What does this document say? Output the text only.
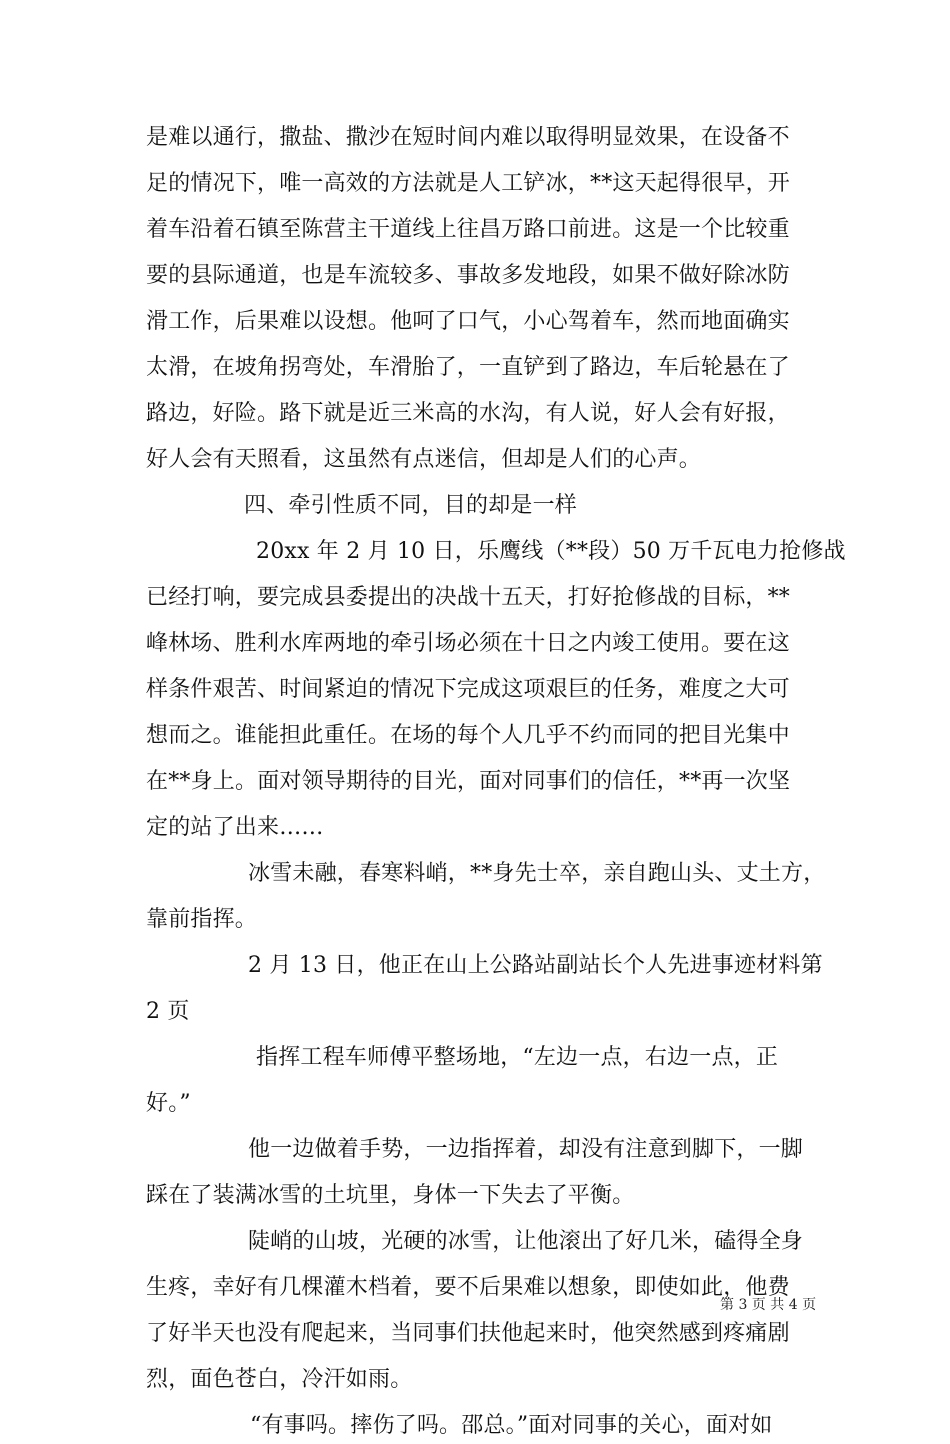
是难以通行，撒盐、撒沙在短时间内难以取得明显效果，在设备不
足的情况下，唯一高效的方法就是人工铲冰，**这天起得很早，开
着车沿着石镇至陈营主干道线上往昌万路口前进。这是一个比较重
要的县际通道，也是车流较多、事故多发地段，如果不做好除冰防
滑工作，后果难以设想。他呵了口气，小心驾着车，然而地面确实
太滑，在坡角拐弯处，车滑胎了，一直铲到了路边，车后轮悬在了
路边，好险。路下就是近三米高的水沟，有人说，好人会有好报，
好人会有天照看，这虽然有点迷信，但却是人们的心声。
四、牵引性质不同，目的却是一样
20xx 年 2 月 10 日，乐鹰线（**段）50 万千瓦电力抢修战
已经打响，要完成县委提出的决战十五天，打好抢修战的目标，**
峰林场、胜利水库两地的牵引场必须在十日之内竣工使用。要在这
样条件艰苦、时间紧迫的情况下完成这项艰巨的任务，难度之大可
想而之。谁能担此重任。在场的每个人几乎不约而同的把目光集中
在**身上。面对领导期待的目光，面对同事们的信任，**再一次坚
定的站了出来……
冰雪未融，春寒料峭，**身先士卒，亲自跑山头、丈土方，
靠前指挥。
2 月 13 日，他正在山上公路站副站长个人先进事迹材料第
2 页
指挥工程车师傅平整场地，“左边一点，右边一点，正
好。”
他一边做着手势，一边指挥着，却没有注意到脚下，一脚
踩在了装满冰雪的土坑里，身体一下失去了平衡。
陡峭的山坡，光硬的冰雪，让他滚出了好几米，磕得全身
生疼，幸好有几棵灌木档着，要不后果难以想象，即使如此，他费
了好半天也没有爬起来，当同事们扶他起来时，他突然感到疼痛剧
烈，面色苍白，冷汗如雨。
“有事吗。摔伤了吗。邵总。”面对同事的关心，面对如
第 3 页 共 4 页
